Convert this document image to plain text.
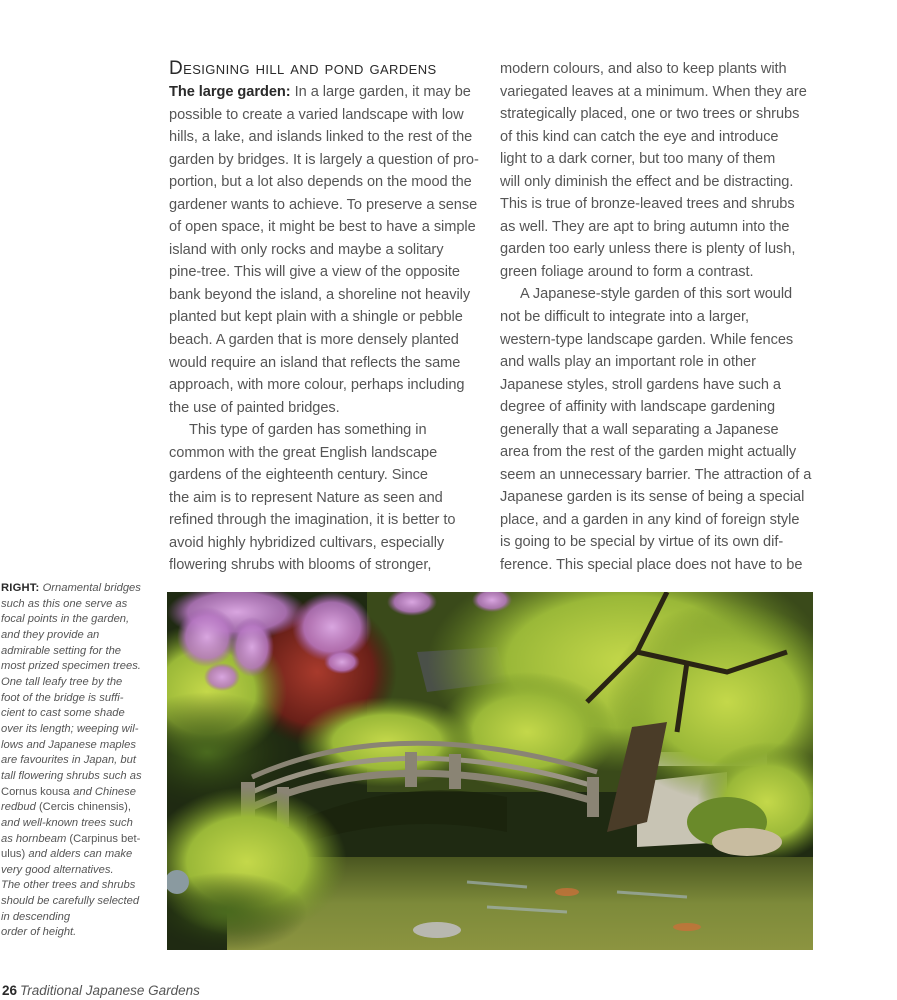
Designing hill and pond gardens
The large garden: In a large garden, it may be
possible to create a varied landscape with low
hills, a lake, and islands linked to the rest of the
garden by bridges. It is largely a question of pro-
portion, but a lot also depends on the mood the
gardener wants to achieve. To preserve a sense
of open space, it might be best to have a simple
island with only rocks and maybe a solitary
pine-tree. This will give a view of the opposite
bank beyond the island, a shoreline not heavily
planted but kept plain with a shingle or pebble
beach. A garden that is more densely planted
would require an island that reflects the same
approach, with more colour, perhaps including
the use of painted bridges.
This type of garden has something in
common with the great English landscape
gardens of the eighteenth century. Since
the aim is to represent Nature as seen and
refined through the imagination, it is better to
avoid highly hybridized cultivars, especially
flowering shrubs with blooms of stronger,
modern colours, and also to keep plants with
variegated leaves at a minimum. When they are
strategically placed, one or two trees or shrubs
of this kind can catch the eye and introduce
light to a dark corner, but too many of them
will only diminish the effect and be distracting.
This is true of bronze-leaved trees and shrubs
as well. They are apt to bring autumn into the
garden too early unless there is plenty of lush,
green foliage around to form a contrast.
A Japanese-style garden of this sort would
not be difficult to integrate into a larger,
western-type landscape garden. While fences
and walls play an important role in other
Japanese styles, stroll gardens have such a
degree of affinity with landscape gardening
generally that a wall separating a Japanese
area from the rest of the garden might actually
seem an unnecessary barrier. The attraction of a
Japanese garden is its sense of being a special
place, and a garden in any kind of foreign style
is going to be special by virtue of its own dif-
ference. This special place does not have to be
RIGHT: Ornamental bridges
such as this one serve as
focal points in the garden,
and they provide an
admirable setting for the
most prized specimen trees.
One tall leafy tree by the
foot of the bridge is suffi-
cient to cast some shade
over its length; weeping wil-
lows and Japanese maples
are favourites in Japan, but
tall flowering shrubs such as
Cornus kousa and Chinese
redbud (Cercis chinensis),
and well-known trees such
as hornbeam (Carpinus bet-
ulus) and alders can make
very good alternatives.
The other trees and shrubs
should be carefully selected
in descending
order of height.
26 Traditional Japanese Gardens
